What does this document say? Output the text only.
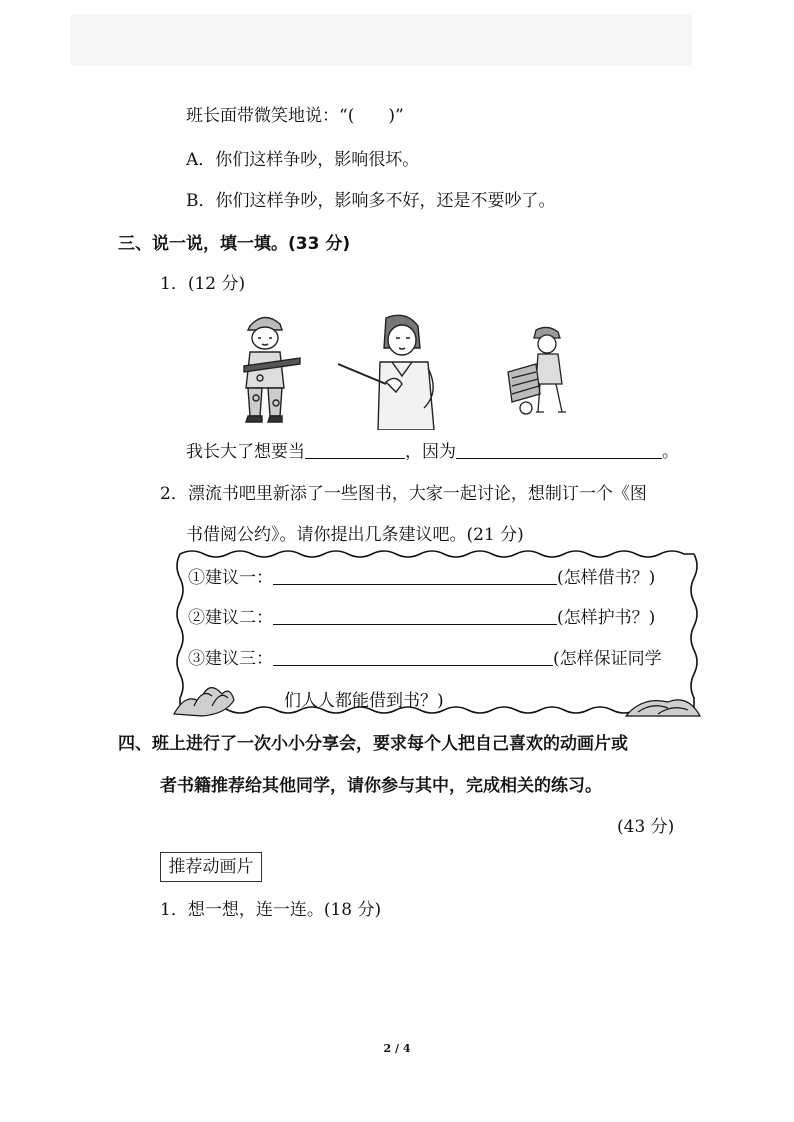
班长面带微笑地说：“(　　)”
A．你们这样争吵，影响很坏。
B．你们这样争吵，影响多不好，还是不要吵了。
三、说一说，填一填。(33 分)
1．(12 分)
我长大了想要当	，因为	。
2．漂流书吧里新添了一些图书，大家一起讨论，想制订一个《图
书借阅公约》。请你提出几条建议吧。(21 分)
①建议一：	(怎样借书？)
②建议二：	(怎样护书？)
③建议三：	(怎样保证同学
们人人都能借到书？)
四、班上进行了一次小小分享会，要求每个人把自己喜欢的动画片或
者书籍推荐给其他同学，请你参与其中，完成相关的练习。
(43 分)
推荐动画片
1．想一想，连一连。(18 分)
2 / 4
